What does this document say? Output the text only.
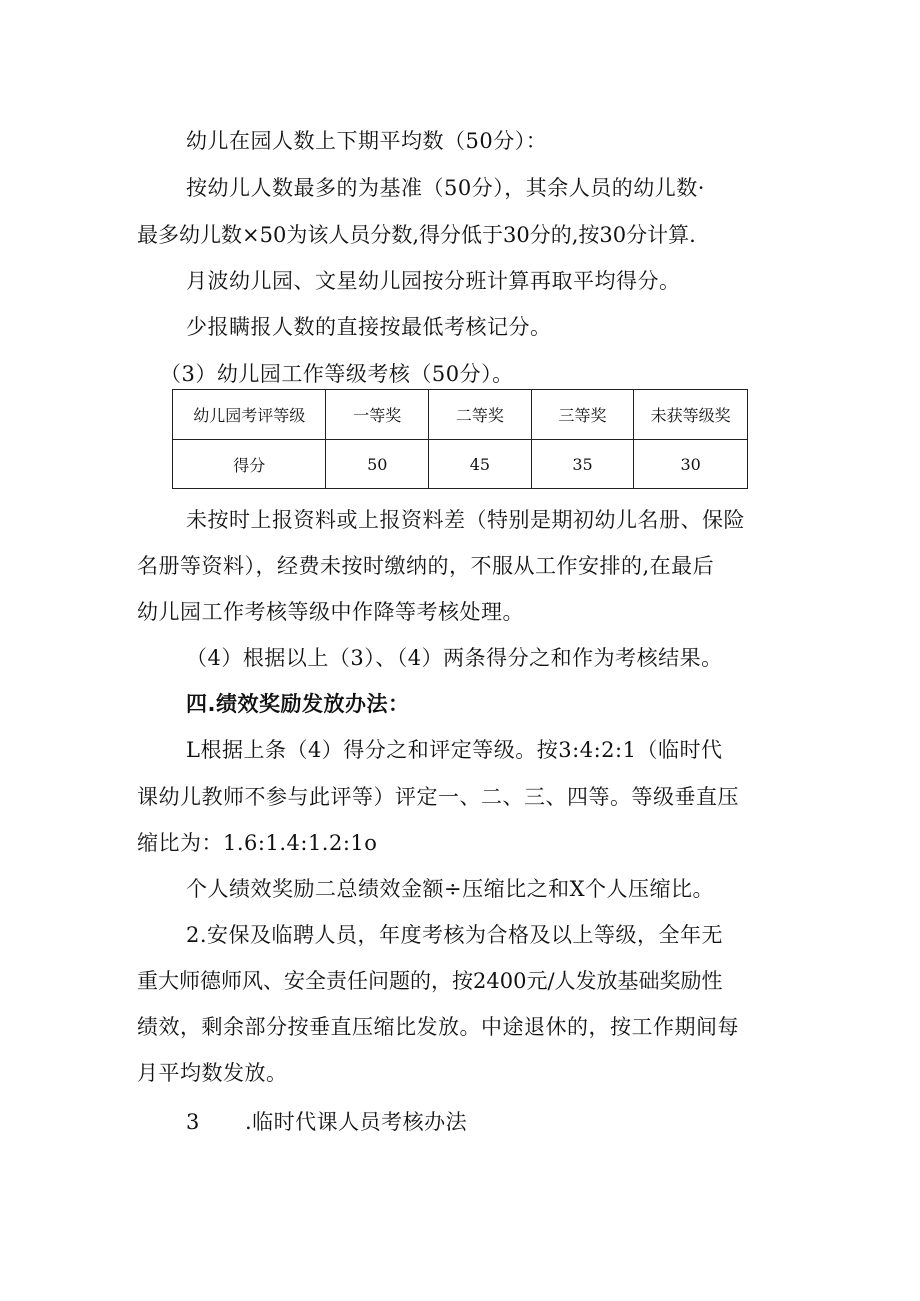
幼儿在园人数上下期平均数（50分）：
按幼儿人数最多的为基准（50分），其余人员的幼儿数·
最多幼儿数×50为该人员分数,得分低于30分的,按30分计算.
月波幼儿园、文星幼儿园按分班计算再取平均得分。
少报瞒报人数的直接按最低考核记分。
（3）幼儿园工作等级考核（50分）。
幼儿园考评等级	一等奖	二等奖	三等奖	未获等级奖
得分	50	45	35	30
未按时上报资料或上报资料差（特别是期初幼儿名册、保险
名册等资料），经费未按时缴纳的，不服从工作安排的,在最后
幼儿园工作考核等级中作降等考核处理。
（4）根据以上（3）、（4）两条得分之和作为考核结果。
四.绩效奖励发放办法：
L根据上条（4）得分之和评定等级。按3:4:2:1（临时代
课幼儿教师不参与此评等）评定一、二、三、四等。等级垂直压
缩比为：1.6:1.4:1.2:1o
个人绩效奖励二总绩效金额÷压缩比之和X个人压缩比。
2.安保及临聘人员，年度考核为合格及以上等级，全年无
重大师德师风、安全责任问题的，按2400元/人发放基础奖励性
绩效，剩余部分按垂直压缩比发放。中途退休的，按工作期间每
月平均数发放。
3 .临时代课人员考核办法
